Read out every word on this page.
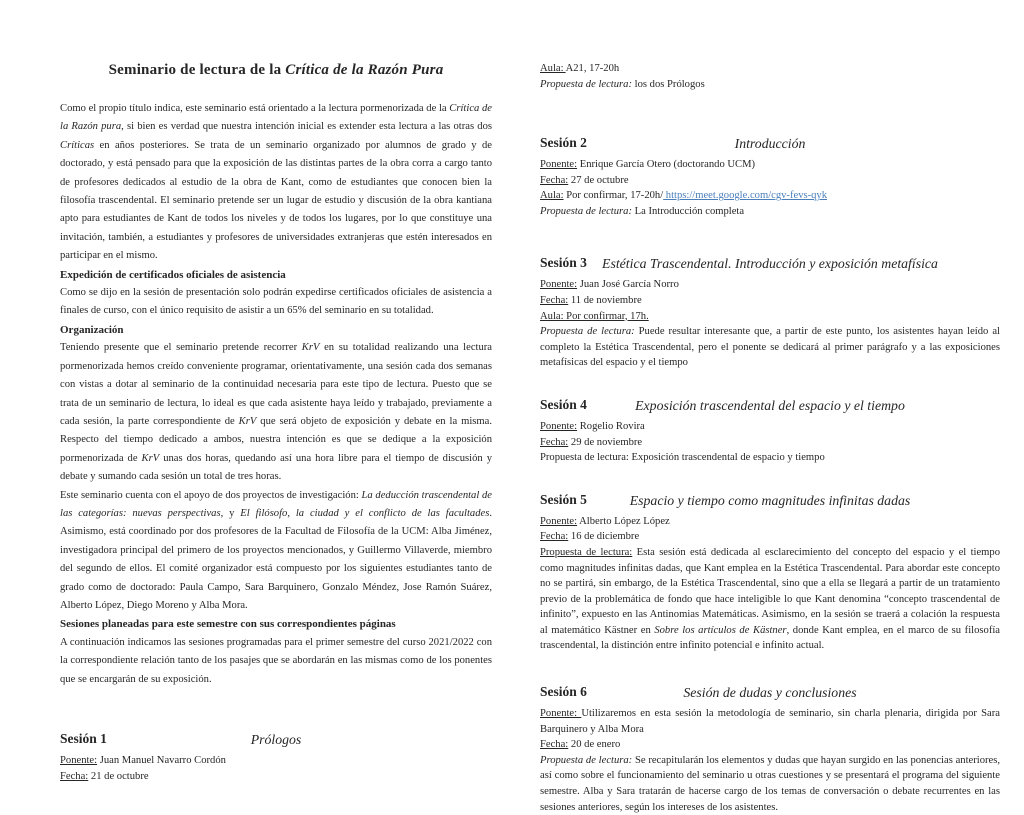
Seminario de lectura de la Crítica de la Razón Pura

Como el propio título indica, este seminario está orientado a la lectura pormenorizada de la Crítica de la Razón pura, si bien es verdad que nuestra intención inicial es extender esta lectura a las otras dos Críticas en años posteriores. Se trata de un seminario organizado por alumnos de grado y de doctorado, y está pensado para que la exposición de las distintas partes de la obra corra a cargo tanto de profesores dedicados al estudio de la obra de Kant, como de estudiantes que conocen bien la filosofía trascendental. El seminario pretende ser un lugar de estudio y discusión de la obra kantiana apto para estudiantes de Kant de todos los niveles y de todos los lugares, por lo que constituye una invitación, también, a estudiantes y profesores de universidades extranjeras que estén interesados en participar en el mismo.

Expedición de certificados oficiales de asistencia

Como se dijo en la sesión de presentación solo podrán expedirse certificados oficiales de asistencia a finales de curso, con el único requisito de asistir a un 65% del seminario en su totalidad.

Organización

Teniendo presente que el seminario pretende recorrer KrV en su totalidad realizando una lectura pormenorizada hemos creído conveniente programar, orientativamente, una sesión cada dos semanas con vistas a dotar al seminario de la continuidad necesaria para este tipo de lectura. Puesto que se trata de un seminario de lectura, lo ideal es que cada asistente haya leído y trabajado, previamente a cada sesión, la parte correspondiente de KrV que será objeto de exposición y debate en la misma. Respecto del tiempo dedicado a ambos, nuestra intención es que se dedique a la exposición pormenorizada de KrV unas dos horas, quedando así una hora libre para el tiempo de discusión y debate y sumando cada sesión un total de tres horas.

Este seminario cuenta con el apoyo de dos proyectos de investigación: La deducción trascendental de las categorías: nuevas perspectivas, y El filósofo, la ciudad y el conflicto de las facultades. Asimismo, está coordinado por dos profesores de la Facultad de Filosofía de la UCM: Alba Jiménez, investigadora principal del primero de los proyectos mencionados, y Guillermo Villaverde, miembro del segundo de ellos. El comité organizador está compuesto por los siguientes estudiantes tanto de grado como de doctorado: Paula Campo, Sara Barquinero, Gonzalo Méndez, Jose Ramón Suárez, Alberto López, Diego Moreno y Alba Mora.

Sesiones planeadas para este semestre con sus correspondientes páginas

A continuación indicamos las sesiones programadas para el primer semestre del curso 2021/2022 con la correspondiente relación tanto de los pasajes que se abordarán en las mismas como de los ponentes que se encargarán de su exposición.

Sesión 1	Prólogos

Ponente: Juan Manuel Navarro Cordón

Fecha: 21 de octubre

Aula: A21, 17-20h

Propuesta de lectura: los dos Prólogos

Sesión 2	Introducción

Ponente: Enrique García Otero (doctorando UCM)

Fecha: 27 de octubre

Aula: Por confirmar, 17-20h/ https://meet.google.com/cgv-fevs-qyk

Propuesta de lectura: La Introducción completa

Sesión 3 Estética Trascendental. Introducción y exposición metafísica

Ponente: Juan José García Norro

Fecha: 11 de noviembre

Aula: Por confirmar, 17h.

Propuesta de lectura: Puede resultar interesante que, a partir de este punto, los asistentes hayan leído al completo la Estética Trascendental, pero el ponente se dedicará al primer parágrafo y a las exposiciones metafísicas del espacio y el tiempo

Sesión 4	Exposición trascendental del espacio y el tiempo

Ponente: Rogelio Rovira

Fecha: 29 de noviembre

Propuesta de lectura: Exposición trascendental de espacio y tiempo

Sesión 5	Espacio y tiempo como magnitudes infinitas dadas

Ponente: Alberto López López

Fecha: 16 de diciembre

Propuesta de lectura: Esta sesión está dedicada al esclarecimiento del concepto del espacio y el tiempo como magnitudes infinitas dadas, que Kant emplea en la Estética Trascendental. Para abordar este concepto no se partirá, sin embargo, de la Estética Trascendental, sino que a ella se llegará a partir de un tratamiento previo de la problemática de fondo que hace inteligible lo que Kant denomina “concepto trascendental de infinito”, expuesto en las Antinomias Matemáticas. Asimismo, en la sesión se traerá a colación la respuesta al matemático Kästner en Sobre los artículos de Kästner, donde Kant emplea, en el marco de su filosofía trascendental, la distinción entre infinito potencial e infinito actual.

Sesión 6	Sesión de dudas y conclusiones

Ponente: Utilizaremos en esta sesión la metodología de seminario, sin charla plenaria, dirigida por Sara Barquinero y Alba Mora

Fecha: 20 de enero

Propuesta de lectura: Se recapitularán los elementos y dudas que hayan surgido en las ponencias anteriores, así como sobre el funcionamiento del seminario u otras cuestiones y se presentará el programa del siguiente semestre. Alba y Sara tratarán de hacerse cargo de los temas de conversación o debate recurrentes en las sesiones anteriores, según los intereses de los asistentes.
